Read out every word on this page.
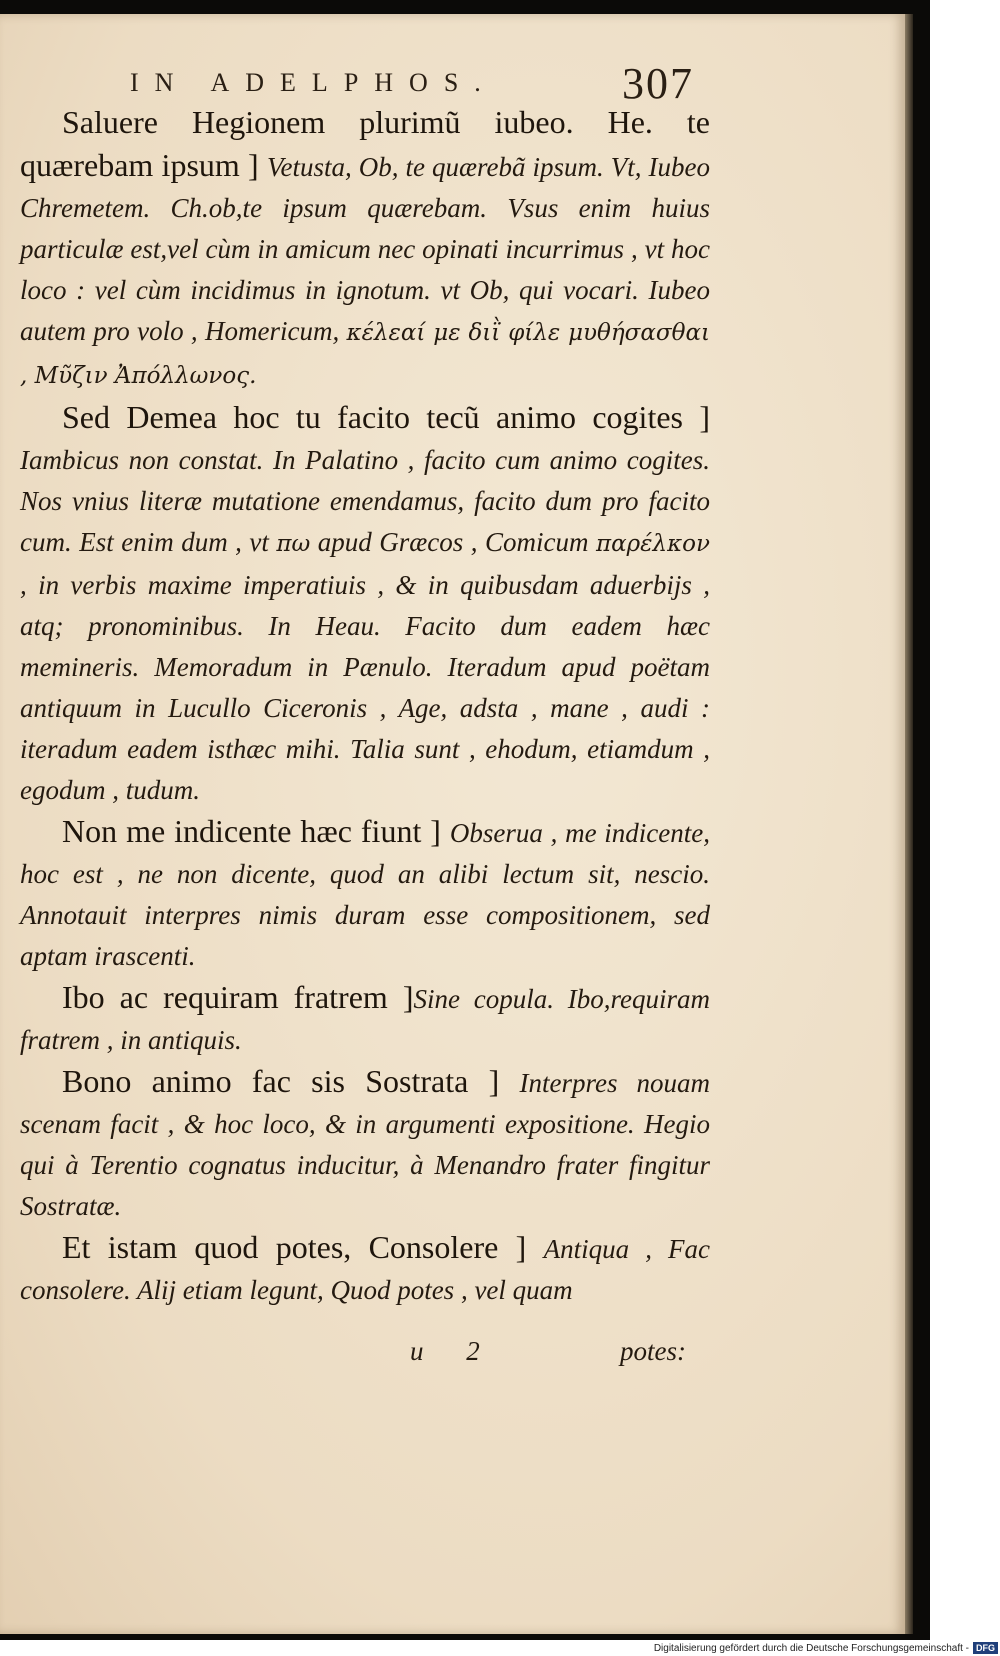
IN ADELPHOS.	307

Saluere Hegionem plurimũ iubeo. He. te quærebam ipsum ] Vetusta, Ob, te quærebã ipsum. Vt, Iubeo Chremetem. Ch.ob,te ipsum quærebam. Vsus enim huius particulæ est,vel cùm in amicum nec opinati incurrimus , vt hoc loco : vel cùm incidimus in ignotum. vt Ob, qui vocari. Iubeo autem pro volo , Homericum, κέλεαί με διῒ φίλε μυθήσασθαι , Μῦζιν Ἀπόλλωνος.

Sed Demea hoc tu facito tecũ animo cogites ] Iambicus non constat. In Palatino , facito cum animo cogites. Nos vnius literæ mutatione emendamus, facito dum pro facito cum. Est enim dum , vt πω apud Græcos , Comicum παρέλκον , in verbis maxime imperatiuis , & in quibusdam aduerbijs , atq; pronominibus. In Heau. Facito dum eadem hæc memineris. Memoradum in Pænulo. Iteradum apud poëtam antiquum in Lucullo Ciceronis , Age, adsta , mane , audi : iteradum eadem isthæc mihi. Talia sunt , ehodum, etiamdum , egodum , tudum.

Non me indicente hæc fiunt ] Obserua , me indicente, hoc est , ne non dicente, quod an alibi lectum sit, nescio. Annotauit interpres nimis duram esse compositionem, sed aptam irascenti.

Ibo ac requiram fratrem ]Sine copula. Ibo,requiram fratrem , in antiquis.

Bono animo fac sis Sostrata ] Interpres nouam scenam facit , & hoc loco, & in argumenti expositione. Hegio qui à Terentio cognatus inducitur, à Menandro frater fingitur Sostratæ.

Et istam quod potes, Consolere ] Antiqua , Fac consolere. Alij etiam legunt, Quod potes , vel quam

u 2	potes:
Digitalisierung gefördert durch die Deutsche Forschungsgemeinschaft - DFG
